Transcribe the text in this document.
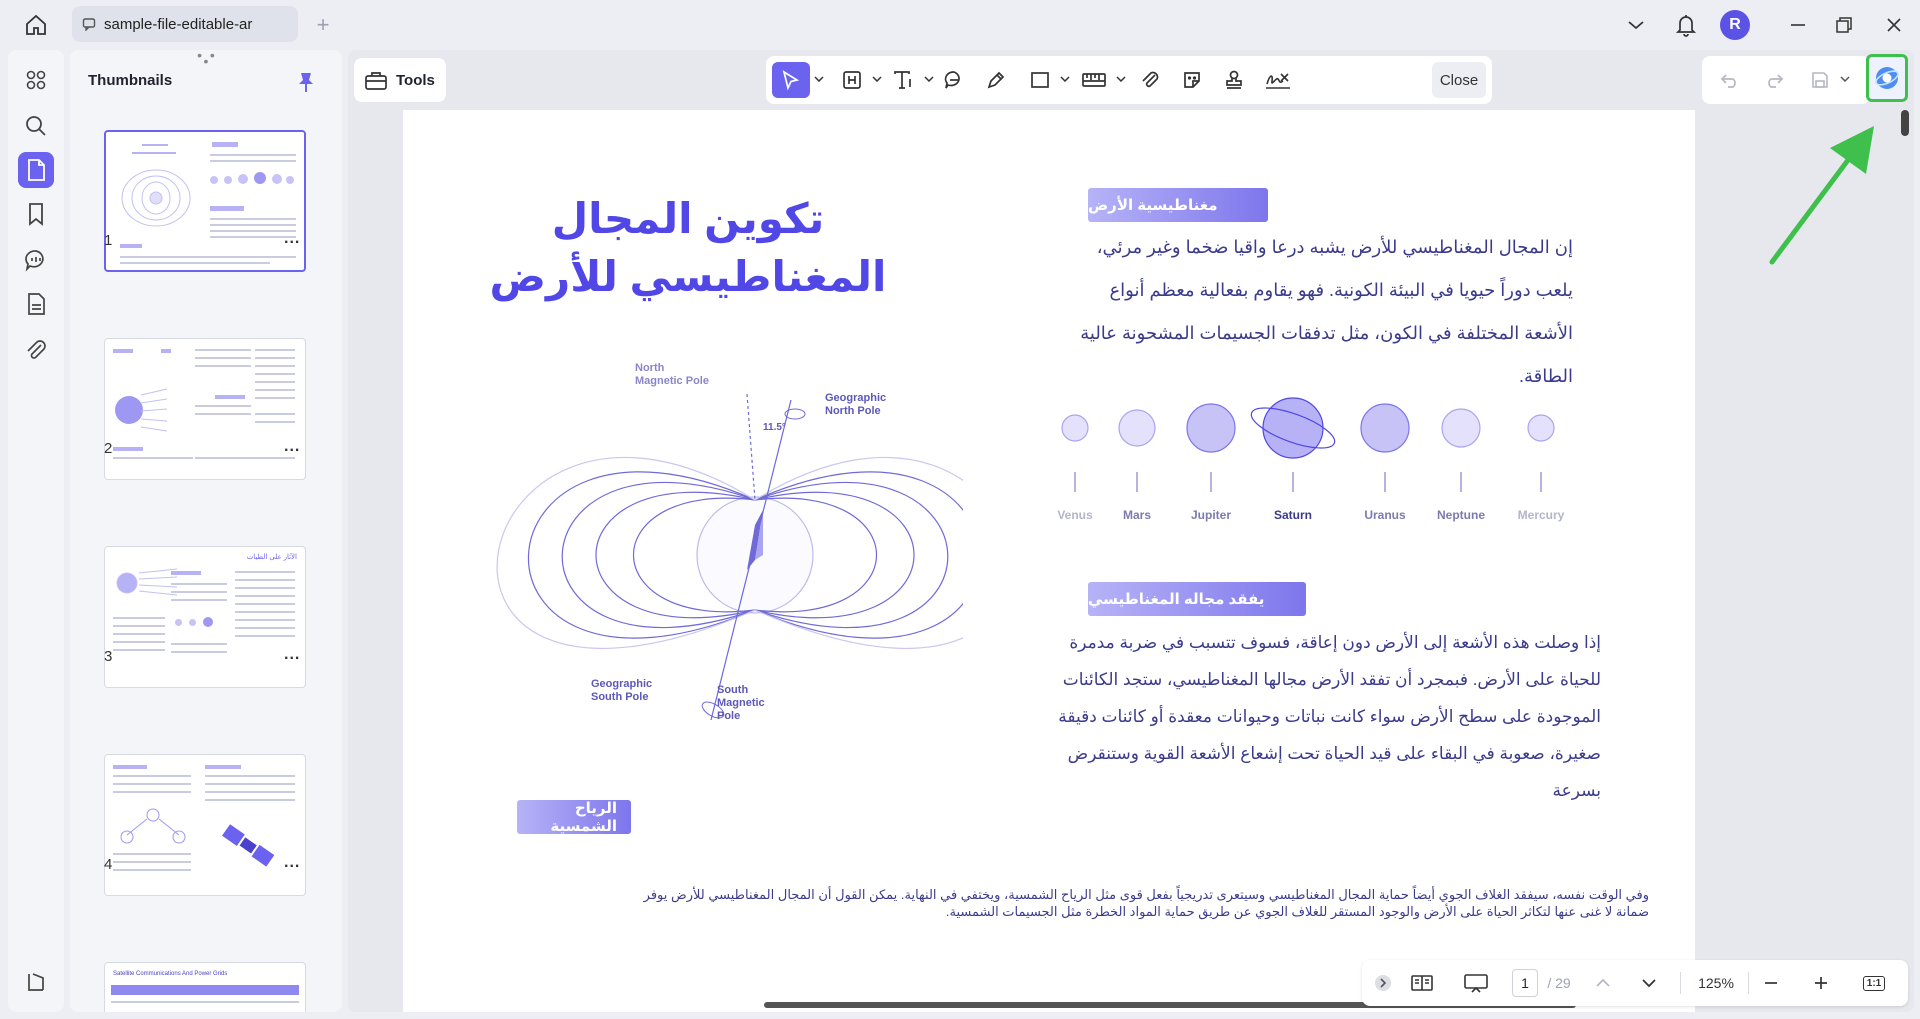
sample-file-editable-ar	+	R
• • •
Thumbnails
1	...
2	...
الآثار على الطيات
3	...
4	...
Satellite Communications And Power Grids
Tools	Close
تكوين المجال
المغناطيسي للأرض
North
Magnetic Pole
Geographic
North Pole
11.5°
Geographic
South Pole
South
Magnetic
Pole
مغناطيسية الأرض
إن المجال المغناطيسي للأرض يشبه درعا واقيا ضخما وغير مرئي،
يلعب دوراً حيويا في البيئة الكونية. فهو يقاوم بفعالية معظم أنواع
الأشعة المختلفة في الكون، مثل تدفقات الجسيمات المشحونة عالية
الطاقة.
Venus	Mars	Jupiter	Saturn	Uranus	Neptune	Mercury
يفقد مجاله المغناطيسي
إذا وصلت هذه الأشعة إلى الأرض دون إعاقة، فسوف تتسبب في ضربة مدمرة
للحياة على الأرض. فبمجرد أن تفقد الأرض مجالها المغناطيسي، ستجد الكائنات
الموجودة على سطح الأرض سواء كانت نباتات وحيوانات معقدة أو كائنات دقيقة
صغيرة، صعوبة في البقاء على قيد الحياة تحت إشعاع الأشعة القوية وستنقرض
بسرعة
الرياح الشمسية
وفي الوقت نفسه، سيفقد الغلاف الجوي أيضاً حماية المجال المغناطيسي وسيتعرى تدريجياً بفعل قوى مثل الرياح الشمسية، ويختفي في النهاية. يمكن القول أن المجال المغناطيسي للأرض يوفر
ضمانة لا غنى عنها لتكاثر الحياة على الأرض والوجود المستقر للغلاف الجوي عن طريق حماية المواد الخطرة مثل الجسيمات الشمسية.
1	/ 29	125%	1:1
